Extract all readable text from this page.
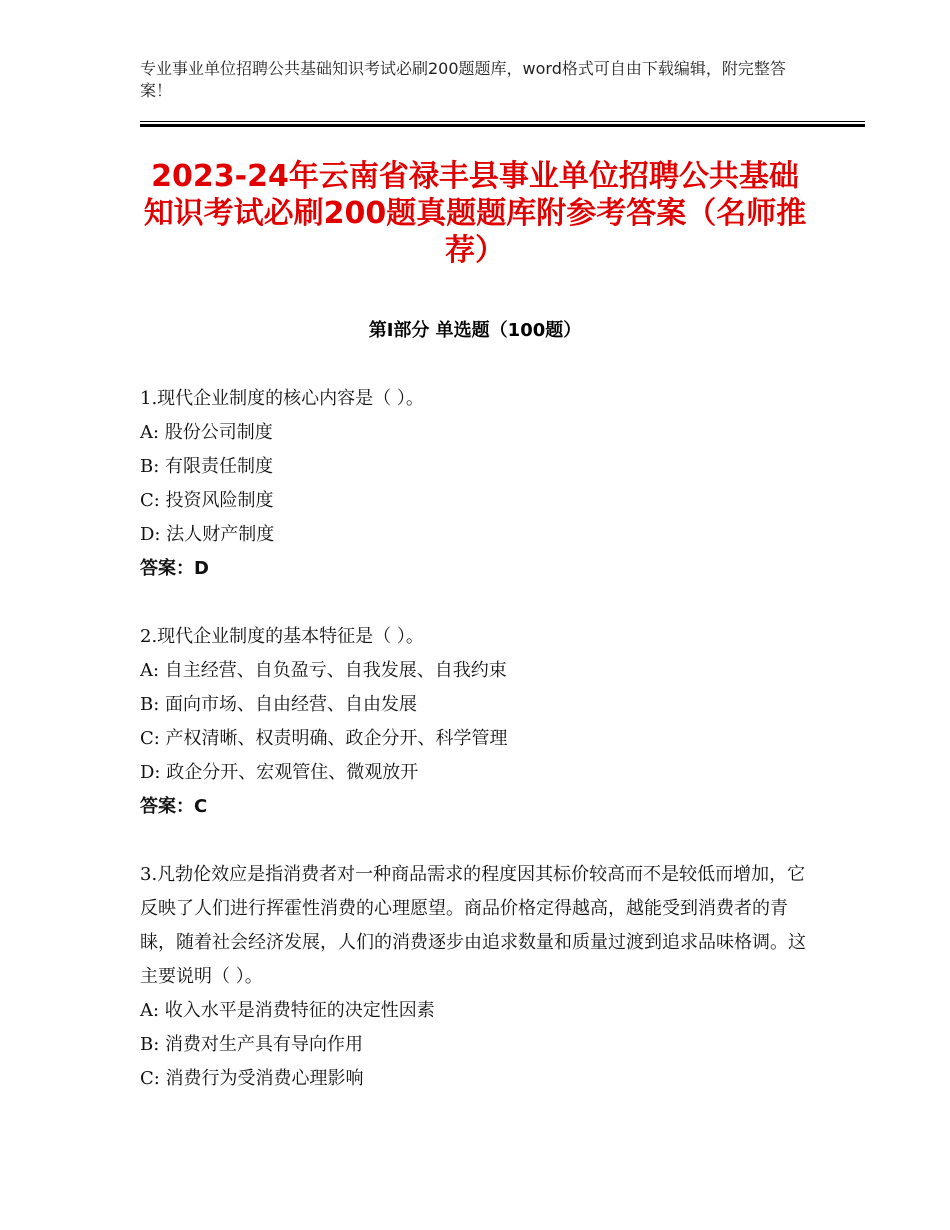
专业事业单位招聘公共基础知识考试必刷200题题库，word格式可自由下载编辑，附完整答案！
2023-24年云南省禄丰县事业单位招聘公共基础知识考试必刷200题真题题库附参考答案（名师推荐）
第Ⅰ部分 单选题（100题）
1.现代企业制度的核心内容是（ ）。
A: 股份公司制度
B: 有限责任制度
C: 投资风险制度
D: 法人财产制度
答案：D
2.现代企业制度的基本特征是（ ）。
A: 自主经营、自负盈亏、自我发展、自我约束
B: 面向市场、自由经营、自由发展
C: 产权清晰、权责明确、政企分开、科学管理
D: 政企分开、宏观管住、微观放开
答案：C
3.凡勃伦效应是指消费者对一种商品需求的程度因其标价较高而不是较低而增加，它反映了人们进行挥霍性消费的心理愿望。商品价格定得越高，越能受到消费者的青睐，随着社会经济发展，人们的消费逐步由追求数量和质量过渡到追求品味格调。这主要说明（ ）。
A: 收入水平是消费特征的决定性因素
B: 消费对生产具有导向作用
C: 消费行为受消费心理影响
